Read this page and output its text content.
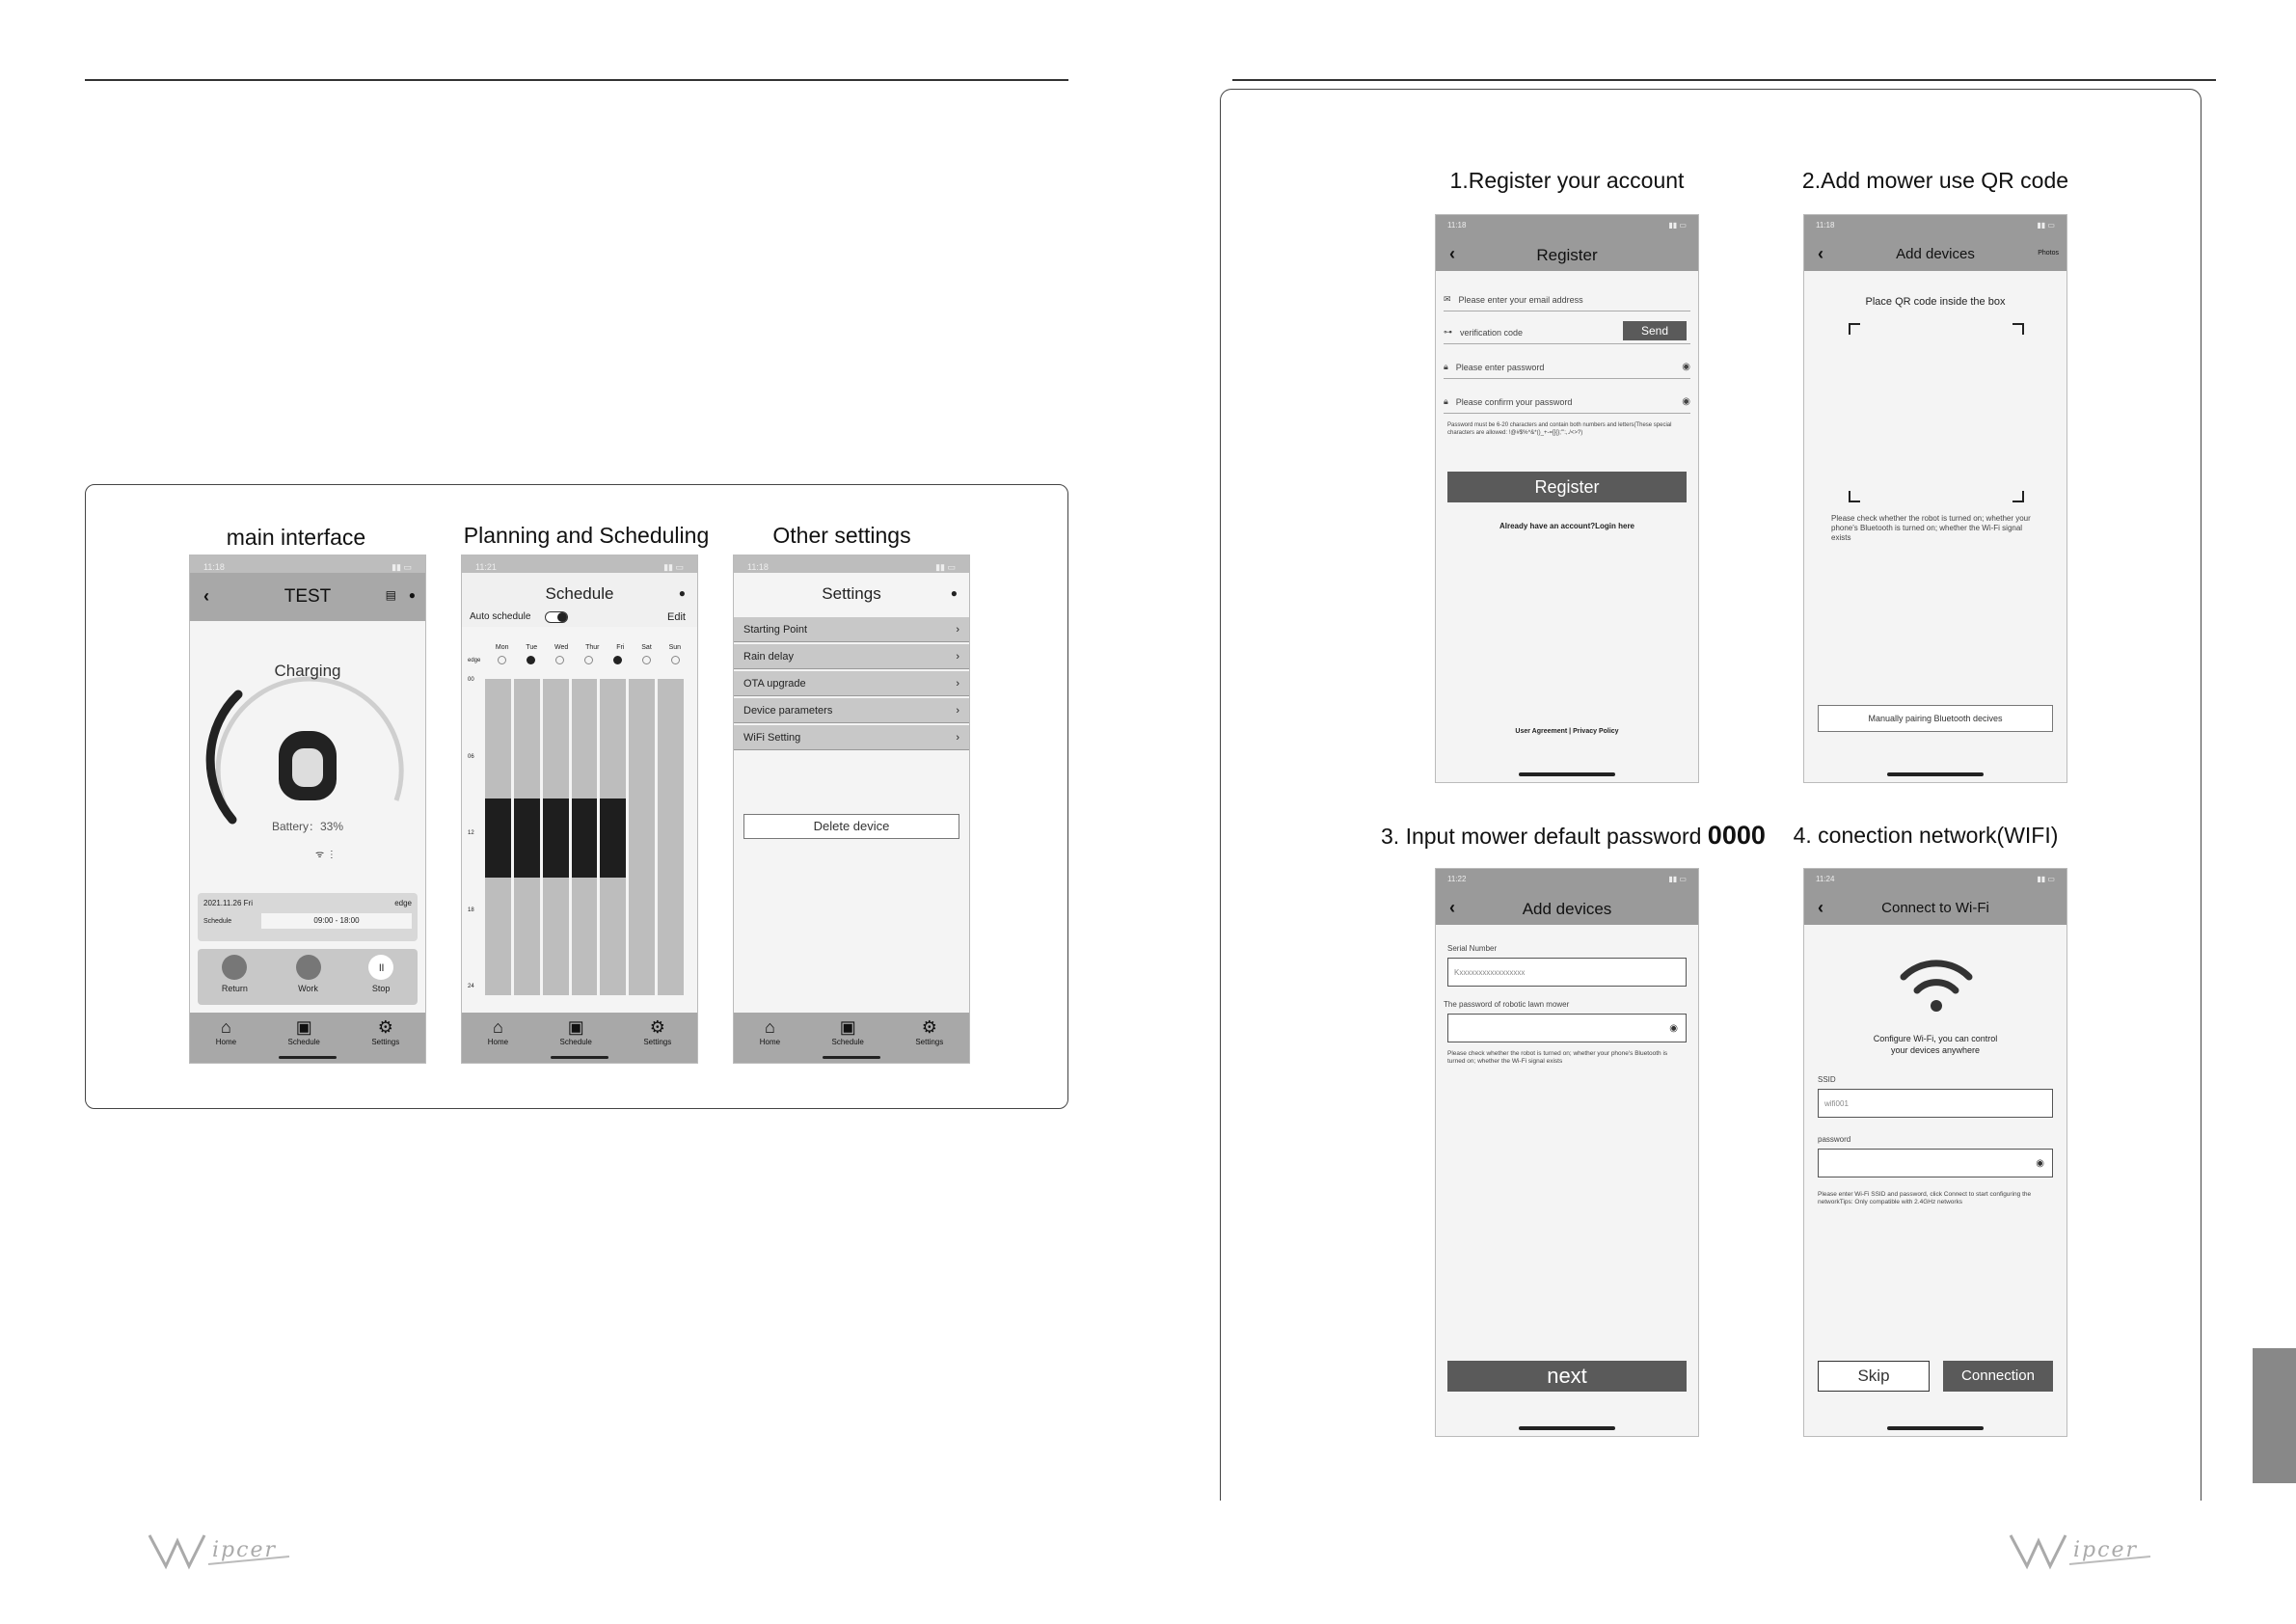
main interface	Planning and Scheduling	Other settings
11:18	▮▮ ▭
‹	TEST	▤ ●
Charging
Battery：33%
ᯤ ⋮
2021.11.26 Fri	edge
Schedule	09:00 - 18:00
Return	Work
॥
Stop
⌂
Home
▣
Schedule
⚙
Settings
11:21	▮▮ ▭
Schedule	●
Auto schedule	Edit
Mon	Tue	Wed	Thur	Fri	Sat	Sun
edge
00
06
12
18
24
⌂
Home
▣
Schedule
⚙
Settings
11:18	▮▮ ▭
Settings	●
Starting Point	›
Rain delay	›
OTA upgrade	›
Device parameters	›
WiFi Setting	›
Delete device
⌂
Home
▣
Schedule
⚙
Settings
ipcer
1.Register your account	2.Add mower use QR code
3. Input mower default password 0000	4. conection network(WIFI)
11:18	▮▮ ▭
‹	Register
✉ Please enter your email address
⊶ verification code	Send
🔒︎ Please enter password	◉
🔒︎ Please confirm your password	◉
Password must be 6-20 characters and contain both numbers and letters(These special characters are allowed: !@#$%^&*()_+-=[]{};'":,./<>?)
Register
Already have an account?Login here
User Agreement | Privacy Policy
11:18	▮▮ ▭
‹	Add devices	Photos
Place QR code inside the box
Please check whether the robot is turned on; whether your phone's Bluetooth is turned on; whether the Wi-Fi signal exists
Manually pairing Bluetooth decives
11:22	▮▮ ▭
‹	Add devices
Serial Number
Kxxxxxxxxxxxxxxxxx
The password of robotic lawn mower
◉
Please check whether the robot is turned on; whether your phone's Bluetooth is turned on; whether the Wi-Fi signal exists
next
11:24	▮▮ ▭
‹	Connect to Wi-Fi
Configure Wi-Fi, you can control your devices anywhere
SSID
wifi001
password
◉
Please enter Wi-Fi SSID and password, click Connect to start configuring the networkTips: Only compatible with 2.4GHz networks
Skip	Connection
ipcer
